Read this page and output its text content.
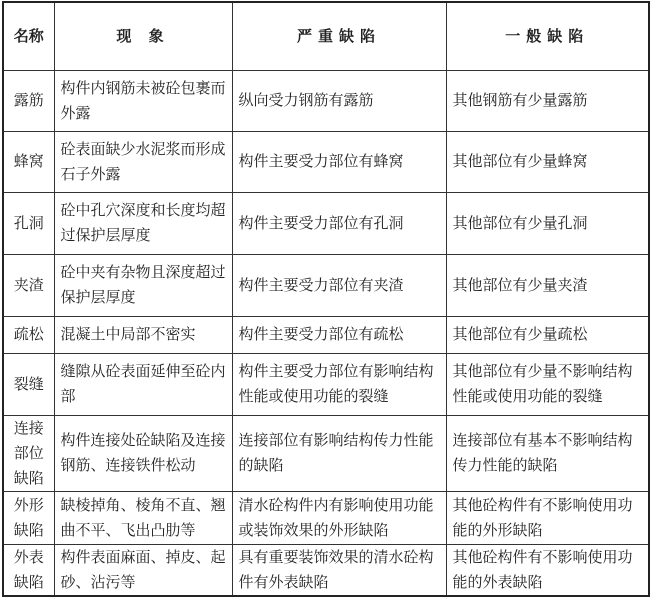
名称	现 象	严重缺陷	一般缺陷
露筋	构件内钢筋未被砼包裹而外露	纵向受力钢筋有露筋	其他钢筋有少量露筋
蜂窝	砼表面缺少水泥浆而形成石子外露	构件主要受力部位有蜂窝	其他部位有少量蜂窝
孔洞	砼中孔穴深度和长度均超过保护层厚度	构件主要受力部位有孔洞	其他部位有少量孔洞
夹渣	砼中夹有杂物且深度超过保护层厚度	构件主要受力部位有夹渣	其他部位有少量夹渣
疏松	混凝土中局部不密实	构件主要受力部位有疏松	其他部位有少量疏松
裂缝	缝隙从砼表面延伸至砼内部	构件主要受力部位有影响结构性能或使用功能的裂缝	其他部位有少量不影响结构性能或使用功能的裂缝
连接部位缺陷	构件连接处砼缺陷及连接钢筋、连接铁件松动	连接部位有影响结构传力性能的缺陷	连接部位有基本不影响结构传力性能的缺陷
外形缺陷	缺棱掉角、棱角不直、翘曲不平、飞出凸肋等	清水砼构件内有影响使用功能或装饰效果的外形缺陷	其他砼构件有不影响使用功能的外形缺陷
外表缺陷	构件表面麻面、掉皮、起砂、沾污等	具有重要装饰效果的清水砼构件有外表缺陷	其他砼构件有不影响使用功能的外表缺陷
